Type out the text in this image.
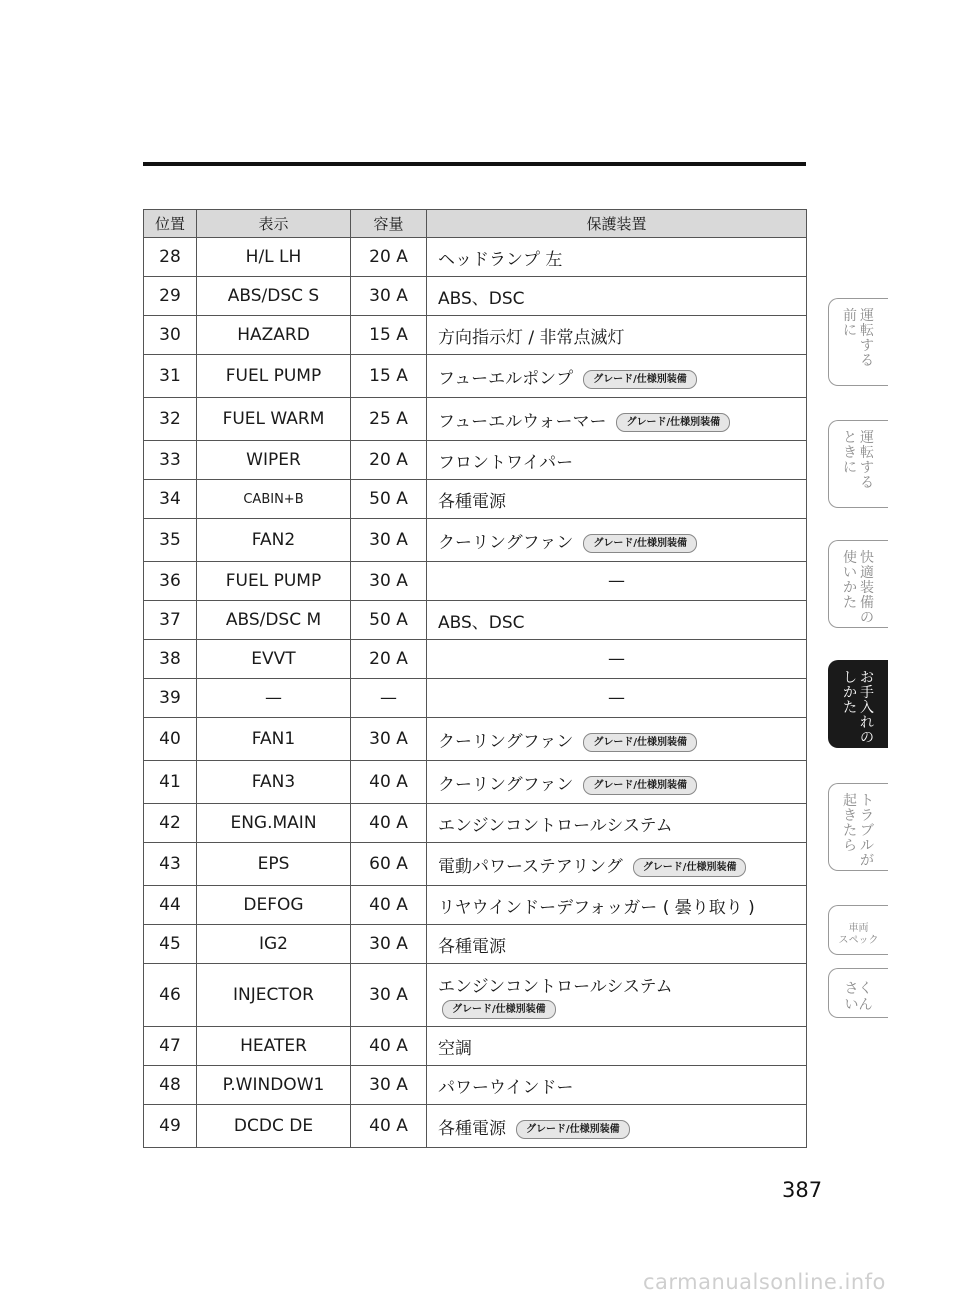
位置	表示	容量	保護装置
28	H/L LH	20 A	ヘッドランプ 左
29	ABS/DSC S	30 A	ABS、DSC
30	HAZARD	15 A	方向指示灯 / 非常点滅灯
31	FUEL PUMP	15 A	フューエルポンプ グレード/仕様別装備
32	FUEL WARM	25 A	フューエルウォーマー グレード/仕様別装備
33	WIPER	20 A	フロントワイパー
34	CABIN+B	50 A	各種電源
35	FAN2	30 A	クーリングファン グレード/仕様別装備
36	FUEL PUMP	30 A	—
37	ABS/DSC M	50 A	ABS、DSC
38	EVVT	20 A	—
39	—	—	—
40	FAN1	30 A	クーリングファン グレード/仕様別装備
41	FAN3	40 A	クーリングファン グレード/仕様別装備
42	ENG.MAIN	40 A	エンジンコントロールシステム
43	EPS	60 A	電動パワーステアリング グレード/仕様別装備
44	DEFOG	40 A	リヤウインドーデフォッガー ( 曇り取り )
45	IG2	30 A	各種電源
46	INJECTOR	30 A	エンジンコントロールシステム
グレード/仕様別装備

47	HEATER	40 A	空調
48	P.WINDOW1	30 A	パワーウインドー
49	DCDC DE	40 A	各種電源 グレード/仕様別装備
運転する
前に
運転する
ときに
快適装備の
使いかた
お手入れの
しかた
トラブルが
起きたら
車両
スペック
さく
いん
387
carmanualsonline.info
